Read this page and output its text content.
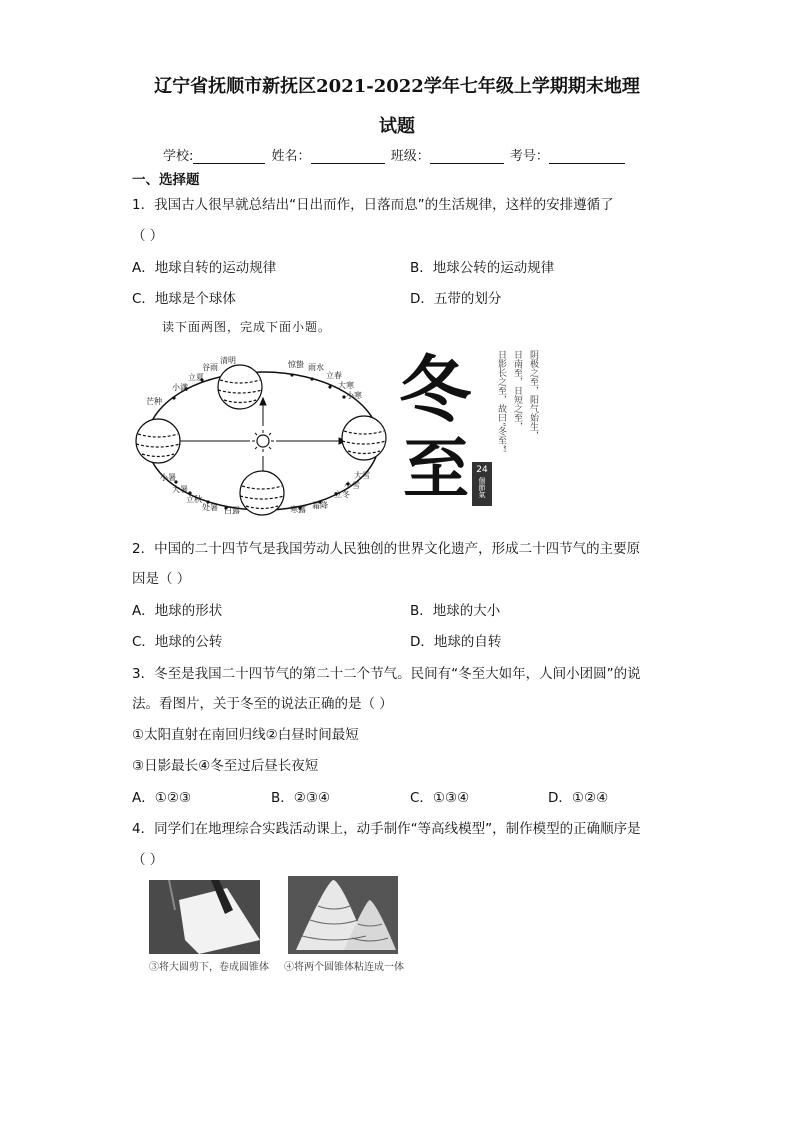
辽宁省抚顺市新抚区2021-2022学年七年级上学期期末地理
试题
学校:	姓名：	班级：	考号：
一、选择题
1．我国古人很早就总结出“日出而作，日落而息”的生活规律，这样的安排遵循了
（ ）
A．地球自转的运动规律	B．地球公转的运动规律
C．地球是个球体	D．五带的划分
读下面两图，完成下面小题。
清明
谷雨
立夏
小满
芒种
惊蛰 雨水
立春
大寒
小寒
小暑
大暑
立秋
处暑 白露
大雪
小雪
立冬
霜降
寒露
冬
至
阴极之至，阳气始生，
日南至，日短之至，
日影长之至，故曰“冬至”。
24
個節氣
2．中国的二十四节气是我国劳动人民独创的世界文化遗产，形成二十四节气的主要原
因是（ ）
A．地球的形状	B．地球的大小
C．地球的公转	D．地球的自转
3．冬至是我国二十四节气的第二十二个节气。民间有“冬至大如年，人间小团圆”的说
法。看图片，关于冬至的说法正确的是（ ）
①太阳直射在南回归线②白昼时间最短
③日影最长④冬至过后昼长夜短
A．①②③	B．②③④	C．①③④	D．①②④
4．同学们在地理综合实践活动课上，动手制作“等高线模型”，制作模型的正确顺序是
（ ）
③将大圆剪下，卷成圆锥体 ④将两个圆锥体粘连成一体
